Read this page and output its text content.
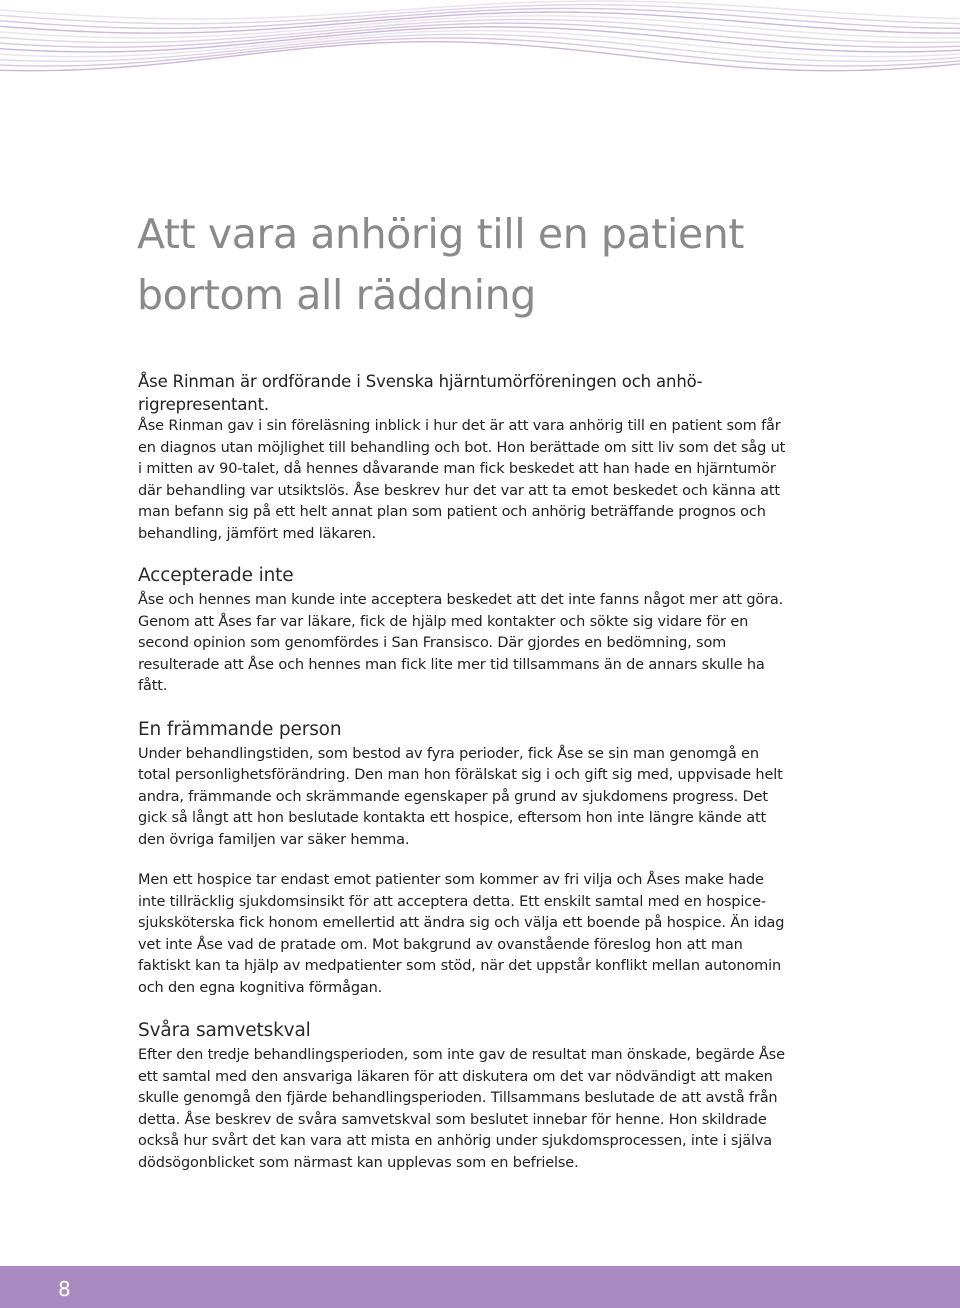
Att vara anhörig till en patient
bortom all räddning

Åse Rinman är ordförande i Svenska hjärntumörföreningen och anhörigrepresentant.

Åse Rinman gav i sin föreläsning inblick i hur det är att vara anhörig till en patient som får en diagnos utan möjlighet till behandling och bot. Hon berättade om sitt liv som det såg ut i mitten av 90-talet, då hennes dåvarande man fick beskedet att han hade en hjärntumör där behandling var utsiktslös. Åse beskrev hur det var att ta emot beskedet och känna att man befann sig på ett helt annat plan som patient och anhörig beträffande prognos och behandling, jämfört med läkaren.

Accepterade inte

Åse och hennes man kunde inte acceptera beskedet att det inte fanns något mer att göra. Genom att Åses far var läkare, fick de hjälp med kontakter och sökte sig vidare för en second opinion som genomfördes i San Fransisco. Där gjordes en bedömning, som resulterade att Åse och hennes man fick lite mer tid tillsammans än de annars skulle ha fått.

En främmande person

Under behandlingstiden, som bestod av fyra perioder, fick Åse se sin man genomgå en total personlighetsförändring. Den man hon förälskat sig i och gift sig med, uppvisade helt andra, främmande och skrämmande egenskaper på grund av sjukdomens progress. Det gick så långt att hon beslutade kontakta ett hospice, eftersom hon inte längre kände att den övriga familjen var säker hemma.

Men ett hospice tar endast emot patienter som kommer av fri vilja och Åses make hade inte tillräcklig sjukdomsinsikt för att acceptera detta. Ett enskilt samtal med en hospicesjuksköterska fick honom emellertid att ändra sig och välja ett boende på hospice. Än idag vet inte Åse vad de pratade om. Mot bakgrund av ovanstående föreslog hon att man faktiskt kan ta hjälp av medpatienter som stöd, när det uppstår konflikt mellan autonomin och den egna kognitiva förmågan.

Svåra samvetskval

Efter den tredje behandlingsperioden, som inte gav de resultat man önskade, begärde Åse ett samtal med den ansvariga läkaren för att diskutera om det var nödvändigt att maken skulle genomgå den fjärde behandlingsperioden. Tillsammans beslutade de att avstå från detta. Åse beskrev de svåra samvetskval som beslutet innebar för henne. Hon skildrade också hur svårt det kan vara att mista en anhörig under sjukdomsprocessen, inte i själva dödsögonblicket som närmast kan upplevas som en befrielse.

8
